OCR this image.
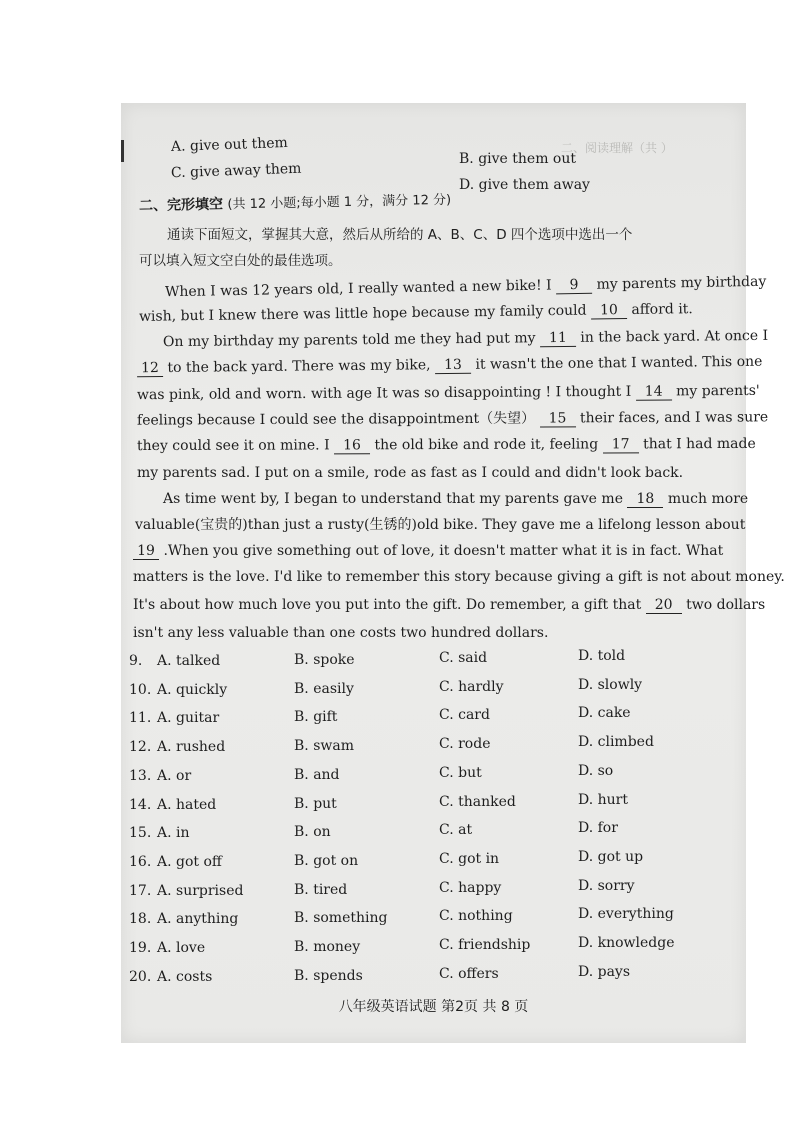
A. give out them
B. give them out
C. give away them
D. give them away
二、完形填空 (共 12 小题;每小题 1 分，满分 12 分)
通读下面短文，掌握其大意，然后从所给的 A、B、C、D 四个选项中选出一个
可以填入短文空白处的最佳选项。
When I was 12 years old, I really wanted a new bike! I 9 my parents my birthday
wish, but I knew there was little hope because my family could 10 afford it.
On my birthday my parents told me they had put my 11 in the back yard. At once I
12 to the back yard. There was my bike, 13 it wasn't the one that I wanted. This one
was pink, old and worn. with age It was so disappointing ! I thought I 14 my parents'
feelings because I could see the disappointment（失望） 15 their faces, and I was sure
they could see it on mine. I 16 the old bike and rode it, feeling 17 that I had made
my parents sad. I put on a smile, rode as fast as I could and didn't look back.
As time went by, I began to understand that my parents gave me 18 much more
valuable(宝贵的)than just a rusty(生锈的)old bike. They gave me a lifelong lesson about
19 .When you give something out of love, it doesn't matter what it is in fact. What
matters is the love. I'd like to remember this story because giving a gift is not about money.
It's about how much love you put into the gift. Do remember, a gift that 20 two dollars
isn't any less valuable than one costs two hundred dollars.
9. A. talked	B. spoke	C. said	D. told
10. A. quickly	B. easily	C. hardly	D. slowly
11. A. guitar	B. gift	C. card	D. cake
12. A. rushed	B. swam	C. rode	D. climbed
13. A. or	B. and	C. but	D. so
14. A. hated	B. put	C. thanked	D. hurt
15. A. in	B. on	C. at	D. for
16. A. got off	B. got on	C. got in	D. got up
17. A. surprised	B. tired	C. happy	D. sorry
18. A. anything	B. something	C. nothing	D. everything
19. A. love	B. money	C. friendship	D. knowledge
20. A. costs	B. spends	C. offers	D. pays
二、阅读理解（共 ）
八年级英语试题 第2页 共 8 页
